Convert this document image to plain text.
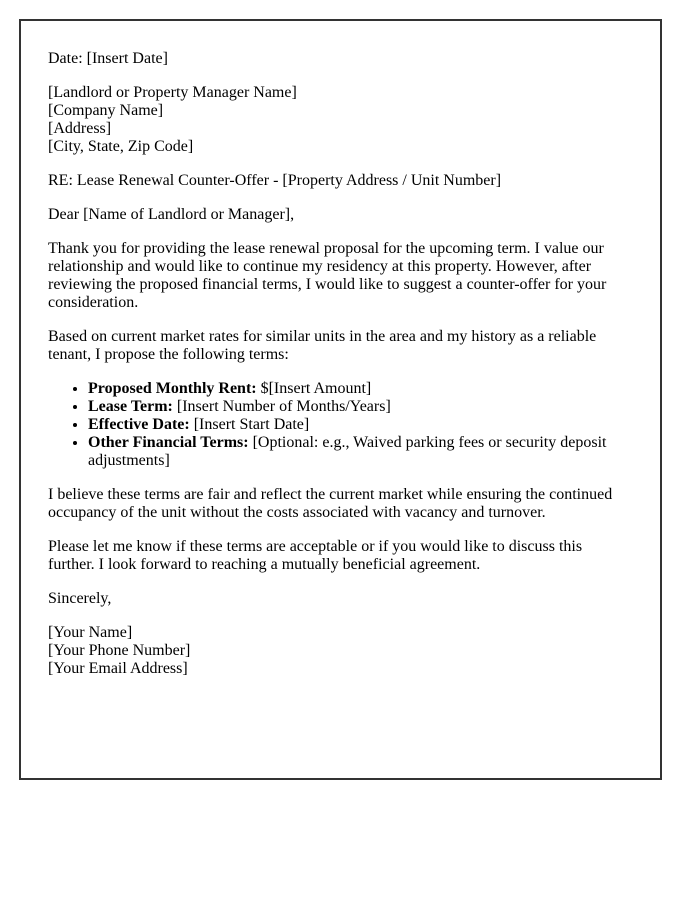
Date: [Insert Date]

[Landlord or Property Manager Name]
[Company Name]
[Address]
[City, State, Zip Code]

RE: Lease Renewal Counter-Offer - [Property Address / Unit Number]

Dear [Name of Landlord or Manager],

Thank you for providing the lease renewal proposal for the upcoming term. I value our relationship and would like to continue my residency at this property. However, after reviewing the proposed financial terms, I would like to suggest a counter-offer for your consideration.

Based on current market rates for similar units in the area and my history as a reliable tenant, I propose the following terms:

• Proposed Monthly Rent: $[Insert Amount]
• Lease Term: [Insert Number of Months/Years]
• Effective Date: [Insert Start Date]
• Other Financial Terms: [Optional: e.g., Waived parking fees or security deposit adjustments]

I believe these terms are fair and reflect the current market while ensuring the continued occupancy of the unit without the costs associated with vacancy and turnover.

Please let me know if these terms are acceptable or if you would like to discuss this further. I look forward to reaching a mutually beneficial agreement.

Sincerely,

[Your Name]
[Your Phone Number]
[Your Email Address]
